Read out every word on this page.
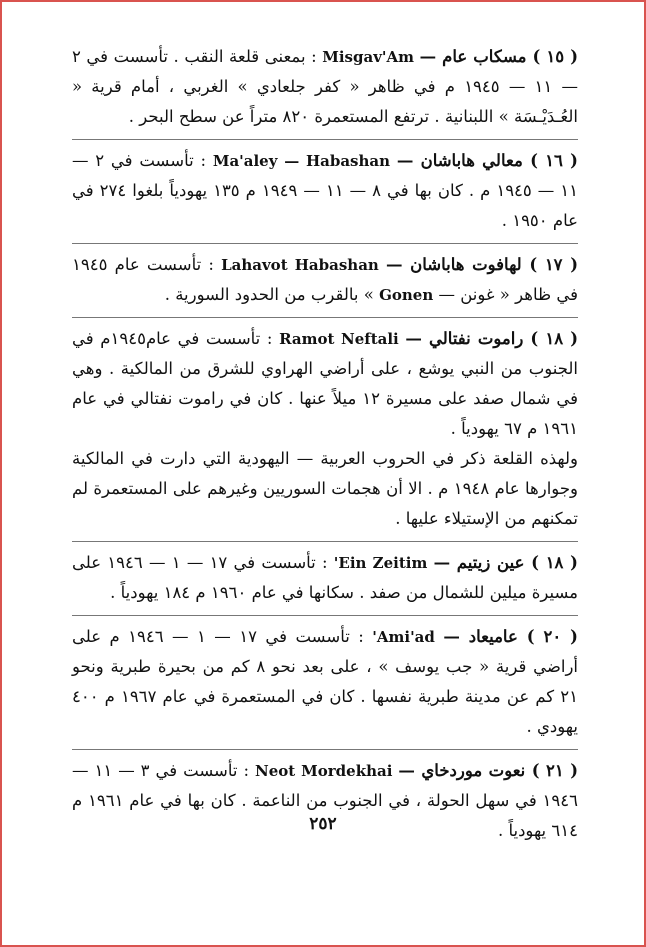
( ١٥ ) مسكاب عام — Misgav'Am : بمعنى قلعة النقب . تأسست في ٢ — ١١ — ١٩٤٥ م في ظاهر « كفر جلعادي » الغربي ، أمام قرية « العُـدَيْـسَة » اللبنانية . ترتفع المستعمرة ٨٢٠ متراً عن سطح البحر .

( ١٦ ) معالي هاباشان — Ma'aley — Habashan : تأسست في ٢ — ١١ — ١٩٤٥ م . كان بها في ٨ — ١١ — ١٩٤٩ م ١٣٥ يهودياً بلغوا ٢٧٤ في عام ١٩٥٠ .

( ١٧ ) لهافوت هاباشان — Lahavot Habashan : تأسست عام ١٩٤٥ في ظاهر « غونن — Gonen » بالقرب من الحدود السورية .

( ١٨ ) راموت نفتالي — Ramot Neftali : تأسست في عام١٩٤٥م في الجنوب من النبي يوشع ، على أراضي الهراوي للشرق من المالكية . وهي في شمال صفد على مسيرة ١٢ ميلاً عنها . كان في راموت نفتالي في عام ١٩٦١ م ٦٧ يهودياً .

ولهذه القلعة ذكر في الحروب العربية — اليهودية التي دارت في المالكية وجوارها عام ١٩٤٨ م . الا أن هجمات السوريين وغيرهم على المستعمرة لم تمكنهم من الإستيلاء عليها .

( ١٨ ) عين زيتيم — 'Ein Zeitim : تأسست في ١٧ — ١ — ١٩٤٦ على مسيرة ميلين للشمال من صفد . سكانها في عام ١٩٦٠ م ١٨٤ يهودياً .

( ٢٠ ) عاميعاد — 'Ami'ad : تأسست في ١٧ — ١ — ١٩٤٦ م على أراضي قرية « جب يوسف » ، على بعد نحو ٨ كم من بحيرة طبرية ونحو ٢١ كم عن مدينة طبرية نفسها . كان في المستعمرة في عام ١٩٦٧ م ٤٠٠ يهودي .

( ٢١ ) نعوت موردخاي — Neot Mordekhai : تأسست في ٣ — ١١ — ١٩٤٦ في سهل الحولة ، في الجنوب من الناعمة . كان بها في عام ١٩٦١ م ٦١٤ يهودياً .

٢٥٢
